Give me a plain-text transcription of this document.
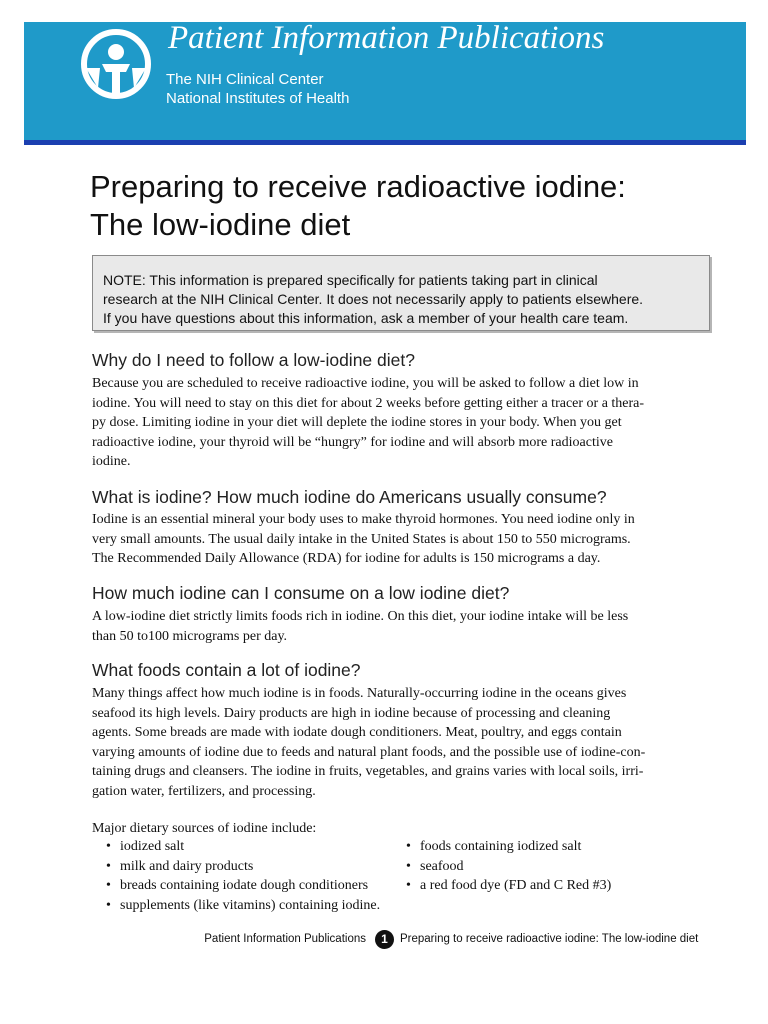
Patient Information Publications
The NIH Clinical Center
National Institutes of Health
Preparing to receive radioactive iodine:
The low-iodine diet

NOTE: This information is prepared specifically for patients taking part in clinical

research at the NIH Clinical Center. It does not necessarily apply to patients elsewhere.

If you have questions about this information, ask a member of your health care team.

Why do I need to follow a low-iodine diet?
Because you are scheduled to receive radioactive iodine, you will be asked to follow a diet low in
iodine. You will need to stay on this diet for about 2 weeks before getting either a tracer or a thera-
py dose. Limiting iodine in your diet will deplete the iodine stores in your body. When you get
radioactive iodine, your thyroid will be “hungry” for iodine and will absorb more radioactive
iodine.
What is iodine? How much iodine do Americans usually consume?
Iodine is an essential mineral your body uses to make thyroid hormones. You need iodine only in
very small amounts. The usual daily intake in the United States is about 150 to 550 micrograms.
The Recommended Daily Allowance (RDA) for iodine for adults is 150 micrograms a day.
How much iodine can I consume on a low iodine diet?
A low-iodine diet strictly limits foods rich in iodine. On this diet, your iodine intake will be less
than 50 to100 micrograms per day.
What foods contain a lot of iodine?
Many things affect how much iodine is in foods. Naturally-occurring iodine in the oceans gives
seafood its high levels. Dairy products are high in iodine because of processing and cleaning
agents. Some breads are made with iodate dough conditioners. Meat, poultry, and eggs contain
varying amounts of iodine due to feeds and natural plant foods, and the possible use of iodine-con-
taining drugs and cleansers. The iodine in fruits, vegetables, and grains varies with local soils, irri-
gation water, fertilizers, and processing.
Major dietary sources of iodine include:
• iodized salt
• milk and dairy products
• breads containing iodate dough conditioners
• supplements (like vitamins) containing iodine.
• foods containing iodized salt
• seafood
• a red food dye (FD and C Red #3)
Patient Information Publications	1	Preparing to receive radioactive iodine: The low-iodine diet
